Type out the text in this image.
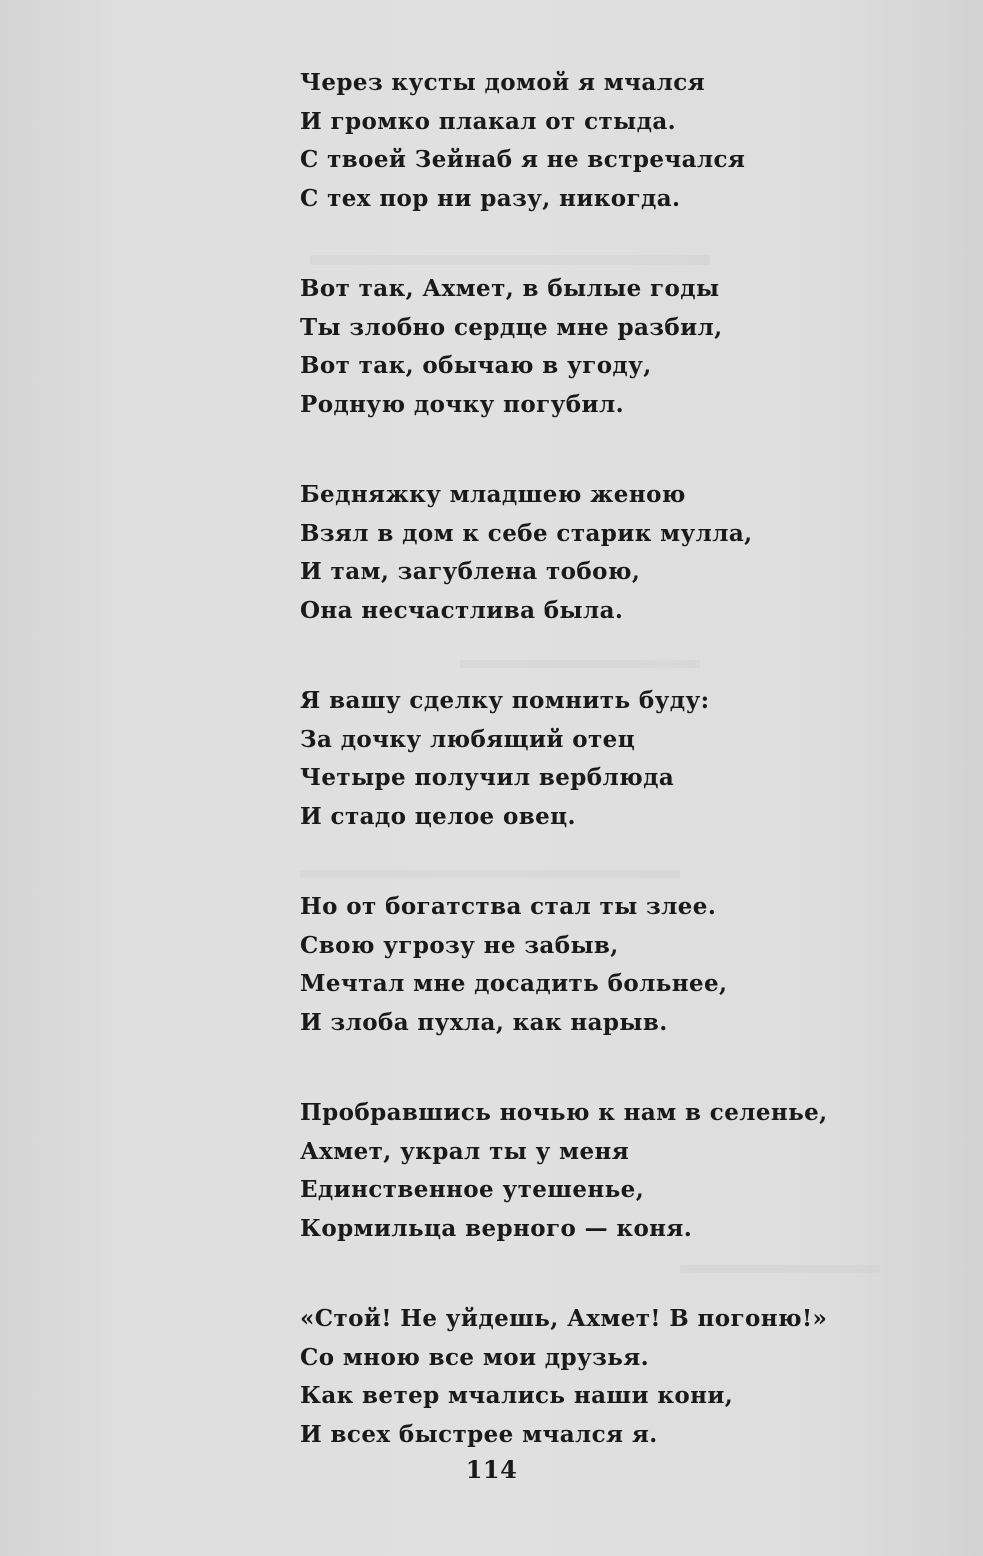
Через кусты домой я мчался
И громко плакал от стыда.
С твоей Зейнаб я не встречался
С тех пор ни разу, никогда.
Вот так, Ахмет, в былые годы
Ты злобно сердце мне разбил,
Вот так, обычаю в угоду,
Родную дочку погубил.
Бедняжку младшею женою
Взял в дом к себе старик мулла,
И там, загублена тобою,
Она несчастлива была.
Я вашу сделку помнить буду:
За дочку любящий отец
Четыре получил верблюда
И стадо целое овец.
Но от богатства стал ты злее.
Свою угрозу не забыв,
Мечтал мне досадить больнее,
И злоба пухла, как нарыв.
Пробравшись ночью к нам в селенье,
Ахмет, украл ты у меня
Единственное утешенье,
Кормильца верного — коня.
«Стой! Не уйдешь, Ахмет! В погоню!»
Со мною все мои друзья.
Как ветер мчались наши кони,
И всех быстрее мчался я.
114
